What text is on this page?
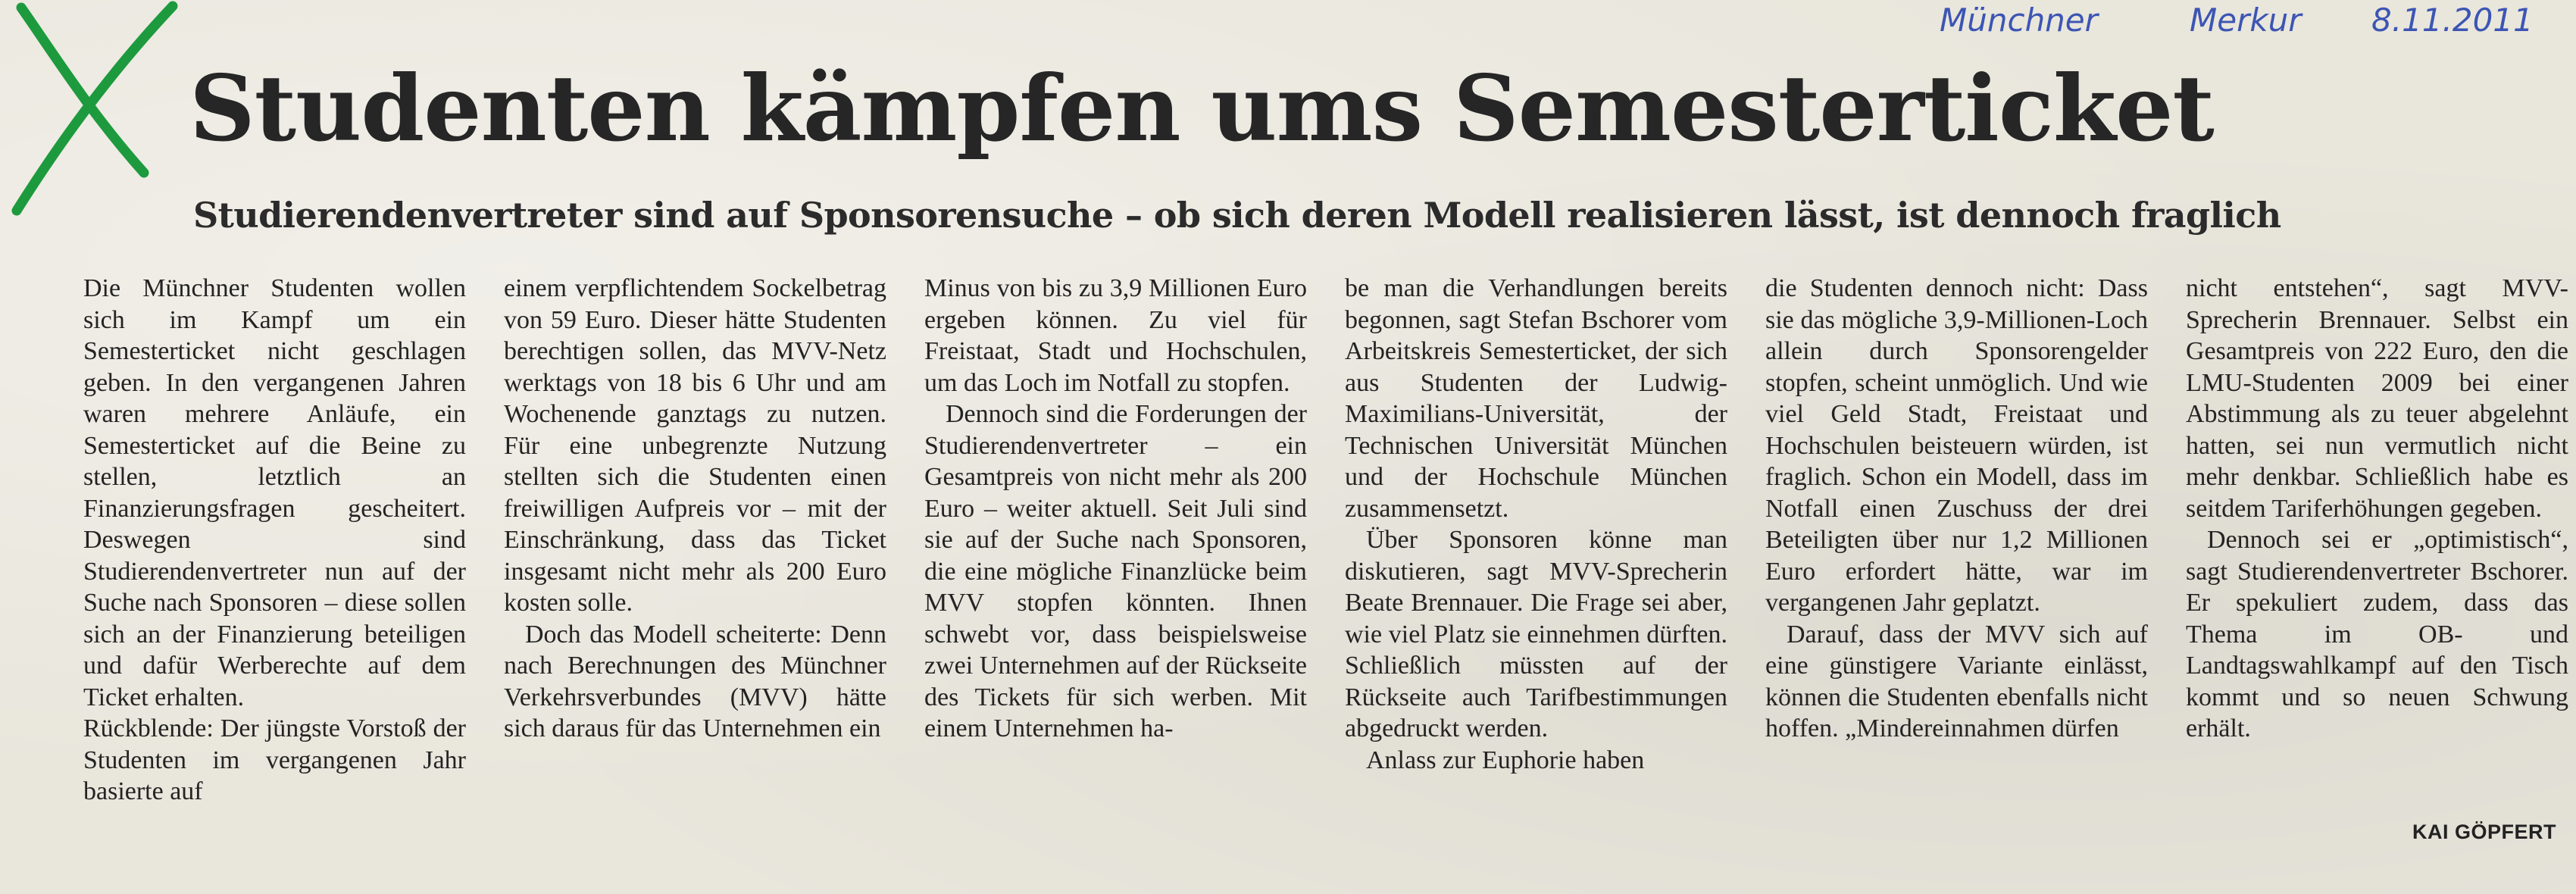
Münchner	Merkur 8.11.2011
Studenten kämpfen ums Semesterticket
Studierendenvertreter sind auf Sponsorensuche – ob sich deren Modell realisieren lässt, ist dennoch fraglich

Die Münchner Studenten wollen sich im Kampf um ein Semesterticket nicht geschlagen geben. In den vergangenen Jahren waren mehrere Anläufe, ein Semesterticket auf die Beine zu stellen, letztlich an Finanzierungsfragen gescheitert. Deswegen sind Studierendenvertreter nun auf der Suche nach Sponsoren – diese sollen sich an der Finanzierung beteiligen und dafür Werberechte auf dem Ticket erhalten.

Rückblende: Der jüngste Vorstoß der Studenten im vergangenen Jahr basierte auf

einem verpflichtendem Sockelbetrag von 59 Euro. Dieser hätte Studenten berechtigen sollen, das MVV-Netz werktags von 18 bis 6 Uhr und am Wochenende ganztags zu nutzen. Für eine unbegrenzte Nutzung stellten sich die Studenten einen freiwilligen Aufpreis vor – mit der Einschränkung, dass das Ticket insgesamt nicht mehr als 200 Euro kosten solle.

Doch das Modell scheiterte: Denn nach Berechnungen des Münchner Verkehrsverbundes (MVV) hätte sich daraus für das Unternehmen ein

Minus von bis zu 3,9 Millionen Euro ergeben können. Zu viel für Freistaat, Stadt und Hochschulen, um das Loch im Notfall zu stopfen.

Dennoch sind die Forderungen der Studierendenvertreter – ein Gesamtpreis von nicht mehr als 200 Euro – weiter aktuell. Seit Juli sind sie auf der Suche nach Sponsoren, die eine mögliche Finanzlücke beim MVV stopfen könnten. Ihnen schwebt vor, dass beispielsweise zwei Unternehmen auf der Rückseite des Tickets für sich werben. Mit einem Unternehmen ha-

be man die Verhandlungen bereits begonnen, sagt Stefan Bschorer vom Arbeitskreis Semesterticket, der sich aus Studenten der Ludwig-Maximilians-Universität, der Technischen Universität München und der Hochschule München zusammensetzt.

Über Sponsoren könne man diskutieren, sagt MVV-Sprecherin Beate Brennauer. Die Frage sei aber, wie viel Platz sie einnehmen dürften. Schließlich müssten auf der Rückseite auch Tarifbestimmungen abgedruckt werden.

Anlass zur Euphorie haben

die Studenten dennoch nicht: Dass sie das mögliche 3,9-Millionen-Loch allein durch Sponsorengelder stopfen, scheint unmöglich. Und wie viel Geld Stadt, Freistaat und Hochschulen beisteuern würden, ist fraglich. Schon ein Modell, dass im Notfall einen Zuschuss der drei Beteiligten über nur 1,2 Millionen Euro erfordert hätte, war im vergangenen Jahr geplatzt.

Darauf, dass der MVV sich auf eine günstigere Variante einlässt, können die Studenten ebenfalls nicht hoffen. „Mindereinnahmen dürfen

nicht entstehen“, sagt MVV-Sprecherin Brennauer. Selbst ein Gesamtpreis von 222 Euro, den die LMU-Studenten 2009 bei einer Abstimmung als zu teuer abgelehnt hatten, sei nun vermutlich nicht mehr denkbar. Schließlich habe es seitdem Tariferhöhungen gegeben.

Dennoch sei er „optimistisch“, sagt Studierendenvertreter Bschorer. Er spekuliert zudem, dass das Thema im OB- und Landtagswahlkampf auf den Tisch kommt und so neuen Schwung erhält.

KAI GÖPFERT
